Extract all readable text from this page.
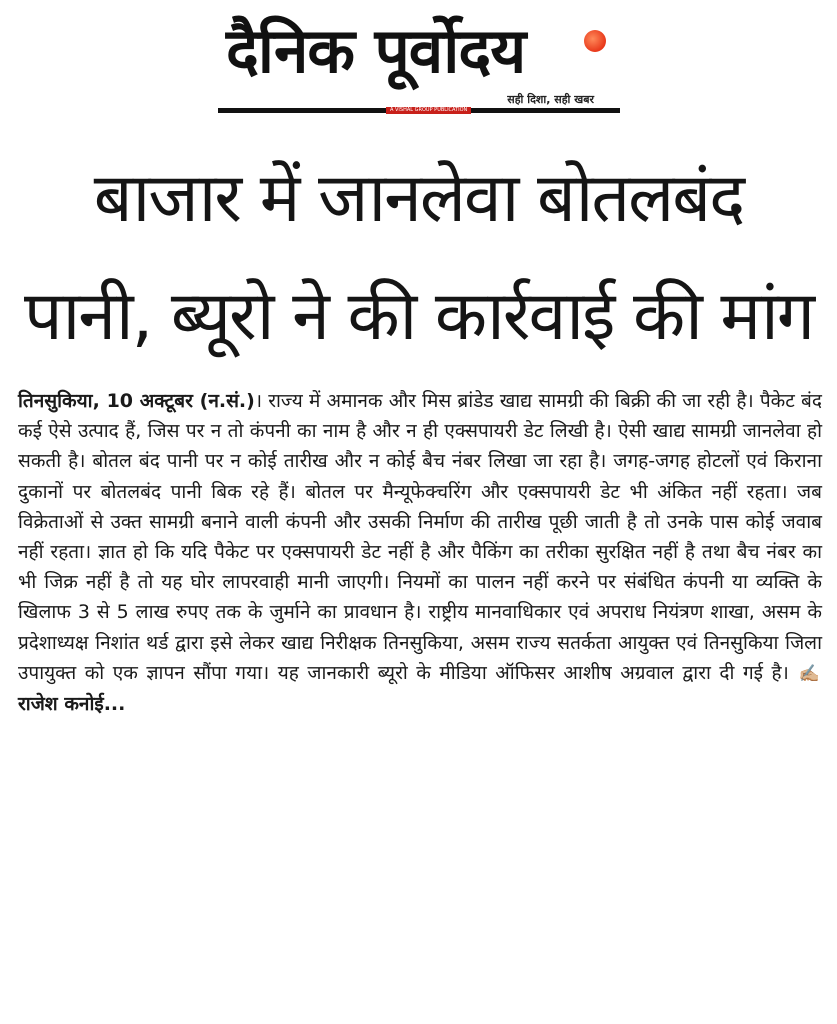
दैनिक पूर्वोदय
सही दिशा, सही खबर
A VISHAL GROUP PUBLICATION
बाजार में जानलेवा बोतलबंद
पानी, ब्यूरो ने की कार्रवाई की मांग

तिनसुकिया, 10 अक्टूबर (न.सं.)। राज्य में अमानक और मिस ब्रांडेड खाद्य सामग्री की बिक्री की जा रही है। पैकेट बंद कई ऐसे उत्पाद हैं, जिस पर न तो कंपनी का नाम है और न ही एक्सपायरी डेट लिखी है। ऐसी खाद्य सामग्री जानलेवा हो सकती है। बोतल बंद पानी पर न कोई तारीख और न कोई बैच नंबर लिखा जा रहा है। जगह-जगह होटलों एवं किराना दुकानों पर बोतलबंद पानी बिक रहे हैं। बोतल पर मैन्यूफेक्चरिंग और एक्सपायरी डेट भी अंकित नहीं रहता। जब विक्रेताओं से उक्त सामग्री बनाने वाली कंपनी और उसकी निर्माण की तारीख पूछी जाती है तो उनके पास कोई जवाब नहीं रहता। ज्ञात हो कि यदि पैकेट पर एक्सपायरी डेट नहीं है और पैकिंग का तरीका सुरक्षित नहीं है तथा बैच नंबर का भी जिक्र नहीं है तो यह घोर लापरवाही मानी जाएगी। नियमों का पालन नहीं करने पर संबंधित कंपनी या व्यक्ति के खिलाफ 3 से 5 लाख रुपए तक के जुर्माने का प्रावधान है। राष्ट्रीय मानवाधिकार एवं अपराध नियंत्रण शाखा, असम के प्रदेशाध्यक्ष निशांत थर्ड द्वारा इसे लेकर खाद्य निरीक्षक तिनसुकिया, असम राज्य सतर्कता आयुक्त एवं तिनसुकिया जिला उपायुक्त को एक ज्ञापन सौंपा गया। यह जानकारी ब्यूरो के मीडिया ऑफिसर आशीष अग्रवाल द्वारा दी गई है। ✍🏼राजेश कनोई...
